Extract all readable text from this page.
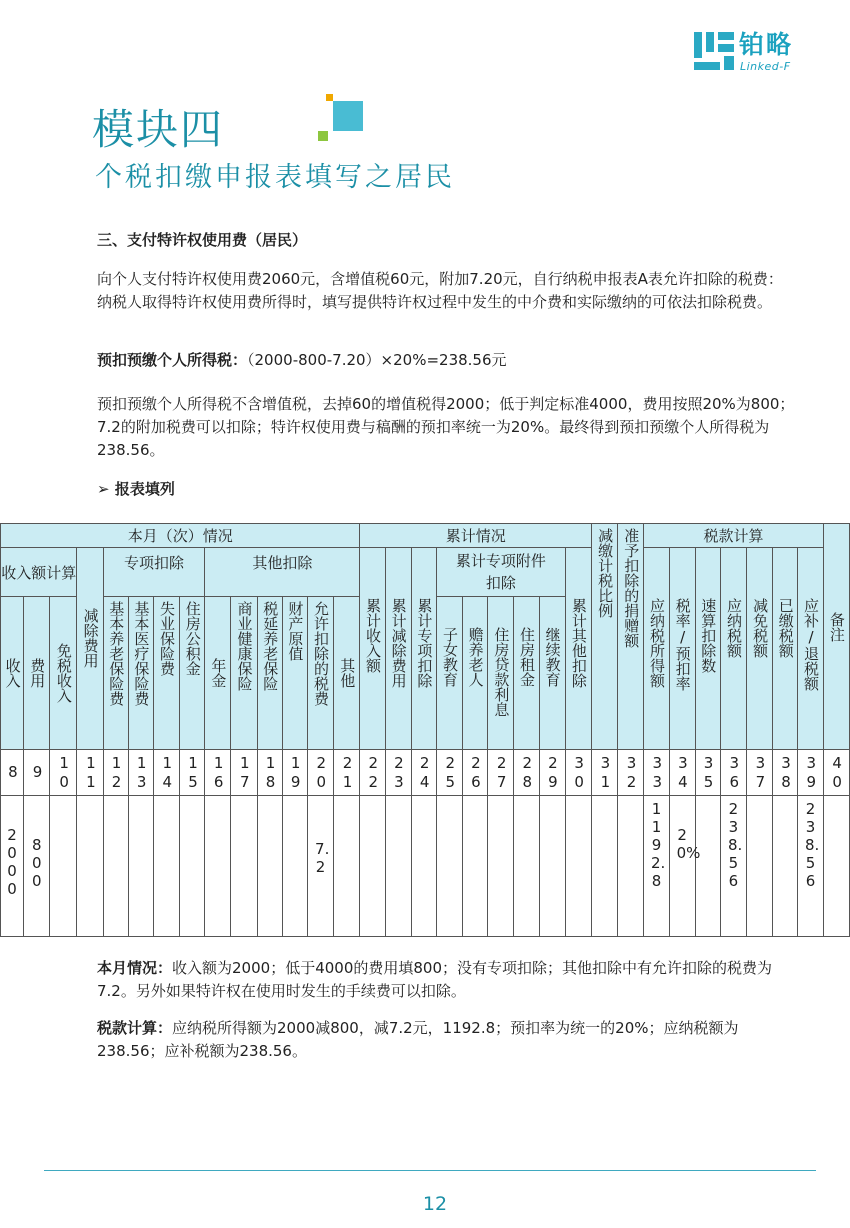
铂略
Linked-F
模块四
个税扣缴申报表填写之居民
三、支付特许权使用费（居民）
向个人支付特许权使用费2060元，含增值税60元，附加7.20元，自行纳税申报表A表允许扣除的税费：纳税人取得特许权使用费所得时，填写提供特许权过程中发生的中介费和实际缴纳的可依法扣除税费。
预扣预缴个人所得税：（2000-800-7.20）×20%=238.56元
预扣预缴个人所得税不含增值税，去掉60的增值税得2000；低于判定标准4000，费用按照20%为800；7.2的附加税费可以扣除；特许权使用费与稿酬的预扣率统一为20%。最终得到预扣预缴个人所得税为238.56。
➢ 报表填列
本月（次）情况														累计情况									减缴计税比例	准予扣除的捐赠额	税款计算							备注

收入额计算			减除费用	专项扣除				其他扣除						累计收入额	累计减除费用	累计专项扣除	累计专项附件扣除					累计其他扣除			应纳税所得额	税率/预扣率	速算扣除数	应纳税额	减免税额	已缴税额	应补/退税额	

收入	费用	免税收入		基本养老保险费	基本医疗保险费	失业保险费	住房公积金	年金	商业健康保险	税延养老保险	财产原值	允许扣除的税费	其他				子女教育	赡养老人	住房贷款利息	住房租金	继续教育											

8	9	10	11	12	13	14	15	16	17	18	19	20	21	22	23	24	25	26	27	28	29	30	31	32	33	34	35	36	37	38	39	40
2000	800											7.2													1192.8	20%		238.56			238.56	
本月情况：收入额为2000；低于4000的费用填800；没有专项扣除；其他扣除中有允许扣除的税费为7.2。另外如果特许权在使用时发生的手续费可以扣除。
税款计算：应纳税所得额为2000减800，减7.2元，1192.8；预扣率为统一的20%；应纳税额为238.56；应补税额为238.56。
12
